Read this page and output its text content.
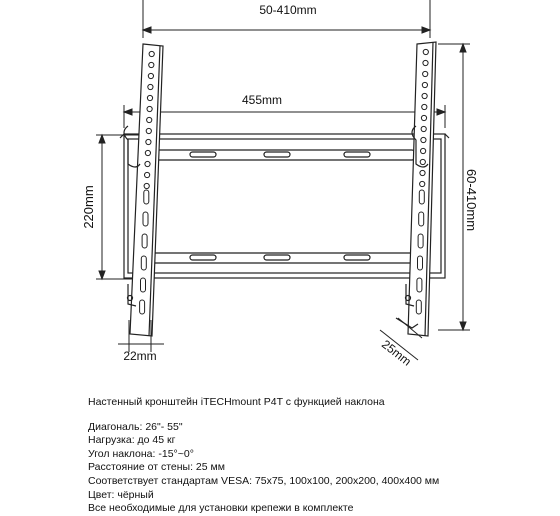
50-410mm
455mm
220mm	60-410mm
22mm	25mm
Настенный кронштейн iTECHmount P4T с функцией наклона
Диагональ: 26"- 55"
Нагрузка: до 45 кг
Угол наклона: -15°~0°
Расстояние от стены: 25 мм
Соответствует стандартам VESA: 75x75, 100x100, 200x200, 400x400 мм
Цвет: чёрный
Все необходимые для установки крепежи в комплекте
